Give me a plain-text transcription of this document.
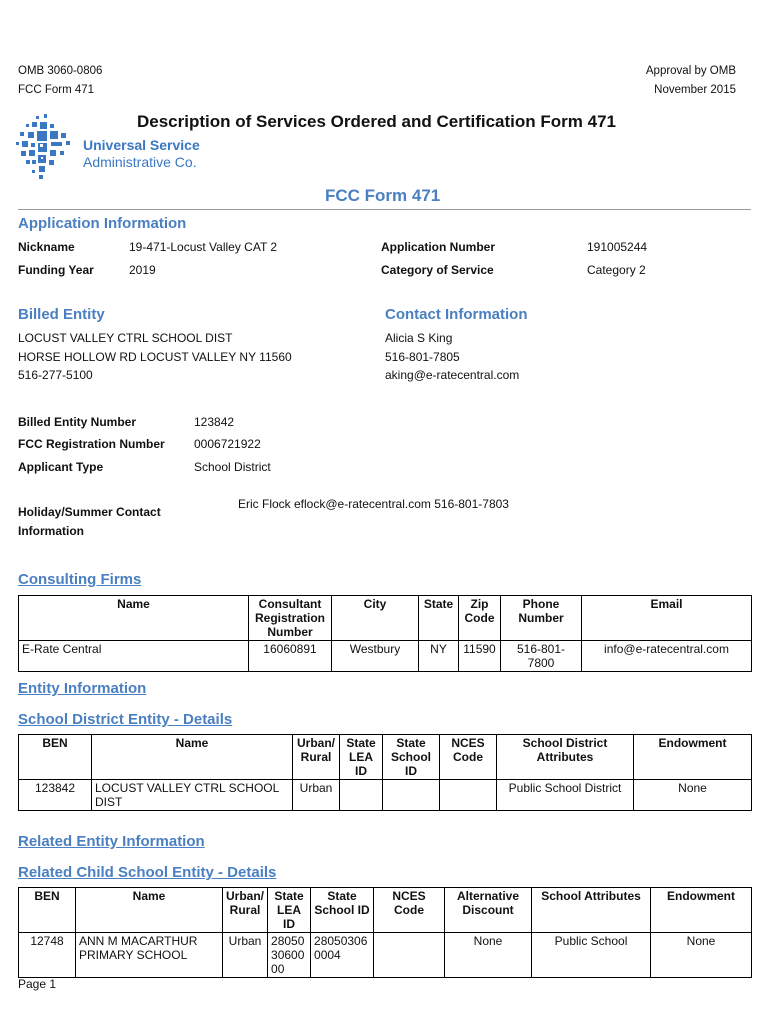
OMB 3060-0806
FCC Form 471
Approval by OMB
November 2015
Description of Services Ordered and Certification Form 471
Universal Service
Administrative Co.
FCC Form 471
Application Information
Nickname	19-471-Locust Valley CAT 2
Funding Year	2019
Application Number	191005244
Category of Service	Category 2
Billed Entity	Contact Information
LOCUST VALLEY CTRL SCHOOL DIST
HORSE HOLLOW RD LOCUST VALLEY NY 11560
516-277-5100
Alicia S King
516-801-7805
aking@e-ratecentral.com
Billed Entity Number	123842
FCC Registration Number 0006721922
Applicant Type	School District
Holiday/Summer Contact
Information
Eric Flock eflock@e-ratecentral.com 516-801-7803
Consulting Firms
Name	Consultant Registration Number	City	State	Zip Code	Phone Number	Email
E-Rate Central	16060891	Westbury	NY	11590	516-801-7800	info@e-ratecentral.com
Entity Information
School District Entity - Details
BEN	Name	Urban/ Rural	State LEA ID	State School ID	NCES Code	School District Attributes	Endowment
123842	LOCUST VALLEY CTRL SCHOOL DIST	Urban				Public School District	None
Related Entity Information
Related Child School Entity - Details
BEN	Name	Urban/ Rural	State LEA ID	State School ID	NCES Code	Alternative Discount	School Attributes	Endowment
12748	ANN M MACARTHUR PRIMARY SCHOOL	Urban	280503060000	280503060004		None	Public School	None
Page 1
